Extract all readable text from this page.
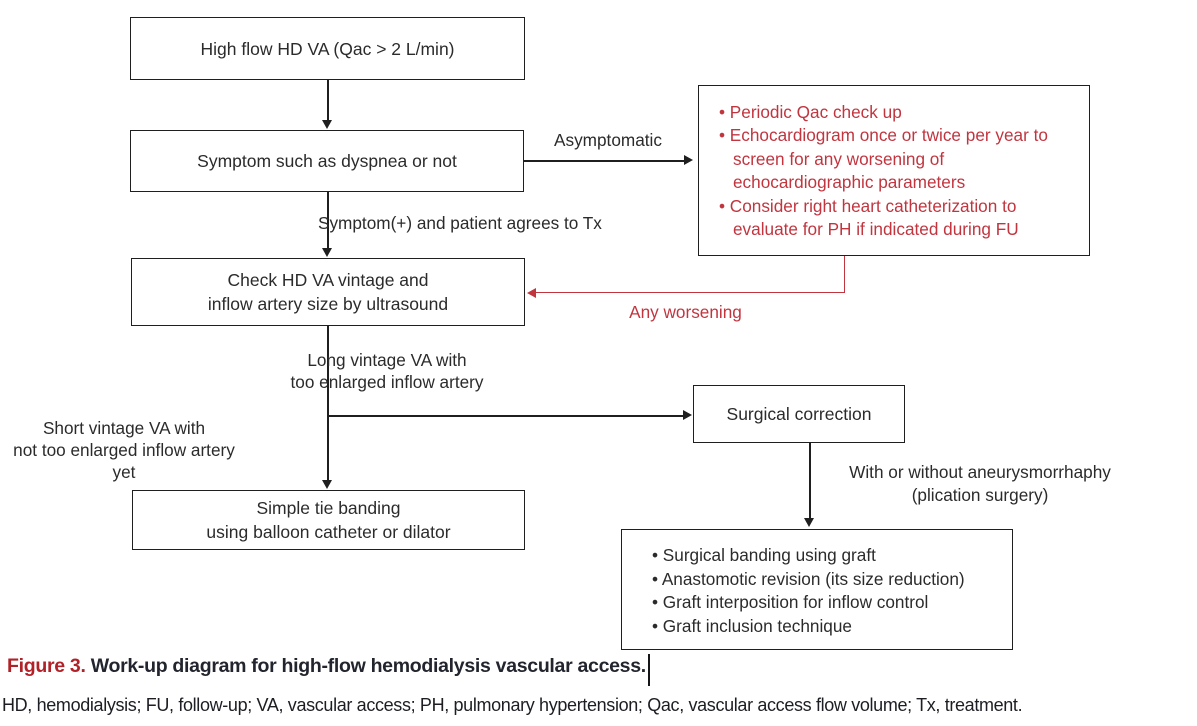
High flow HD VA (Qac > 2 L/min)
Symptom such as dyspnea or not
• Periodic Qac check up
• Echocardiogram once or twice per year to screen for any worsening of echocardiographic parameters
• Consider right heart catheterization to evaluate for PH if indicated during FU
Check HD VA vintage and
inflow artery size by ultrasound
Surgical correction
Simple tie banding
using balloon catheter or dilator
• Surgical banding using graft
• Anastomotic revision (its size reduction)
• Graft interposition for inflow control
• Graft inclusion technique
Asymptomatic
Symptom(+) and patient agrees to Tx
Any worsening
Long vintage VA with
too enlarged inflow artery
Short vintage VA with
not too enlarged inflow artery yet	With or without aneurysmorrhaphy
(plication surgery)
Figure 3. Work-up diagram for high-flow hemodialysis vascular access.
HD, hemodialysis; FU, follow-up; VA, vascular access; PH, pulmonary hypertension; Qac, vascular access flow volume; Tx, treatment.
